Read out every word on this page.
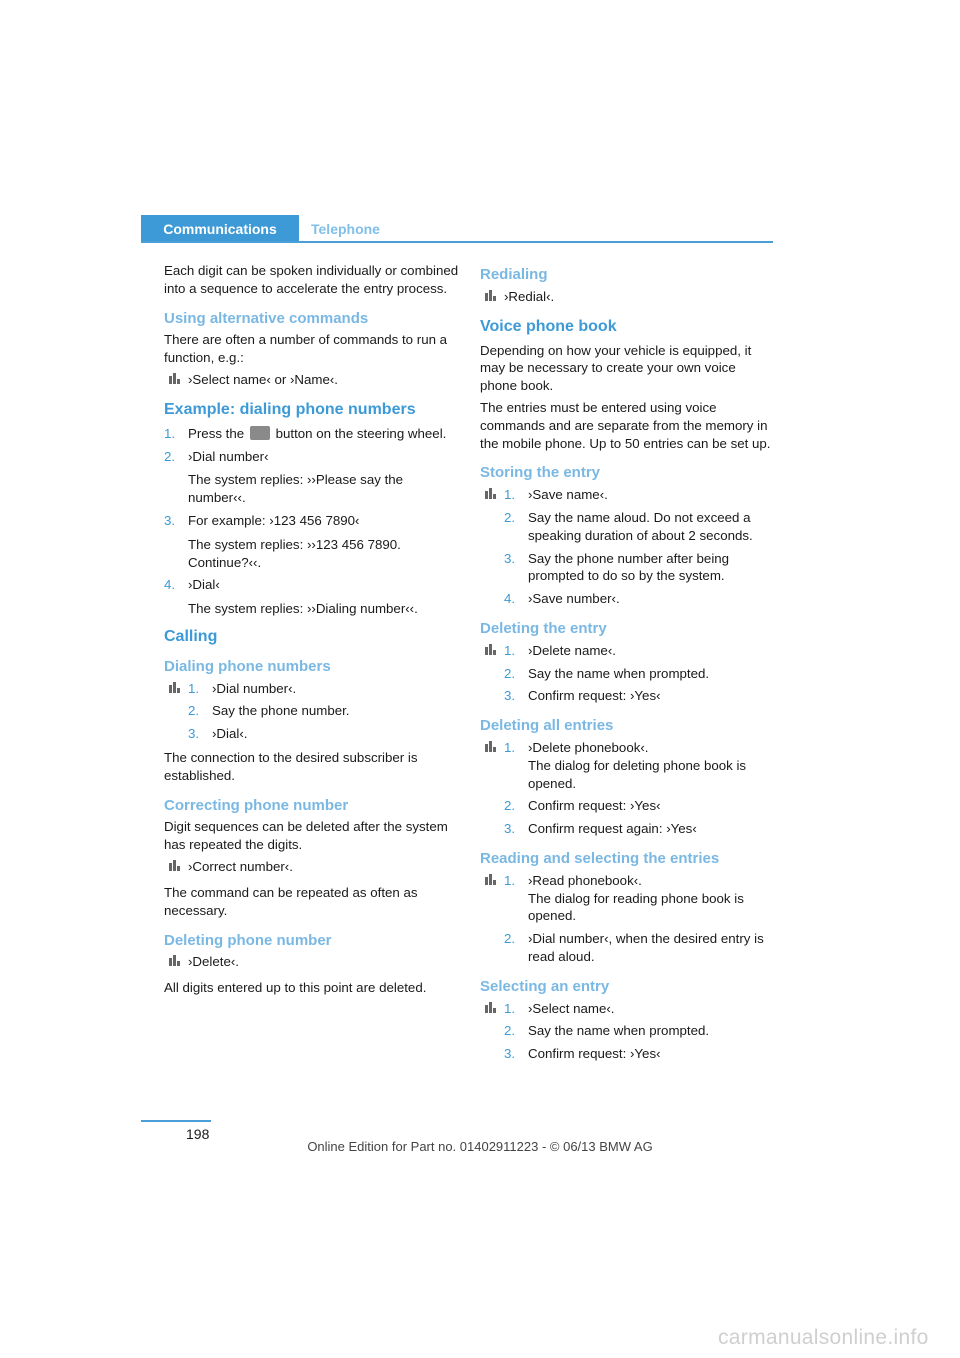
Communications	Telephone

Each digit can be spoken individually or combined into a sequence to accelerate the entry process.

Using alternative commands

There are often a number of commands to run a function, e.g.:

›Select name‹ or ›Name‹.
Example: dialing phone numbers
1. Press the button on the steering wheel.
2. ›Dial number‹
The system replies: ››Please say the number‹‹.
3. For example: ›123 456 7890‹
The system replies: ››123 456 7890. Continue?‹‹.
4. ›Dial‹
The system replies: ››Dialing number‹‹.
Calling
Dialing phone numbers
1. ›Dial number‹.
2. Say the phone number.
3. ›Dial‹.

The connection to the desired subscriber is established.

Correcting phone number

Digit sequences can be deleted after the system has repeated the digits.

›Correct number‹.

The command can be repeated as often as necessary.

Deleting phone number
›Delete‹.

All digits entered up to this point are deleted.

Redialing
›Redial‹.
Voice phone book

Depending on how your vehicle is equipped, it may be necessary to create your own voice phone book.

The entries must be entered using voice commands and are separate from the memory in the mobile phone. Up to 50 entries can be set up.

Storing the entry
1. ›Save name‹.
2. Say the name aloud. Do not exceed a speaking duration of about 2 seconds.
3. Say the phone number after being prompted to do so by the system.
4. ›Save number‹.
Deleting the entry
1. ›Delete name‹.
2. Say the name when prompted.
3. Confirm request: ›Yes‹
Deleting all entries
1. ›Delete phonebook‹.
The dialog for deleting phone book is opened.
2. Confirm request: ›Yes‹
3. Confirm request again: ›Yes‹
Reading and selecting the entries
1. ›Read phonebook‹.
The dialog for reading phone book is opened.
2. ›Dial number‹, when the desired entry is read aloud.
Selecting an entry
1. ›Select name‹.
2. Say the name when prompted.
3. Confirm request: ›Yes‹
198
Online Edition for Part no. 01402911223 - © 06/13 BMW AG
carmanualsonline.info
